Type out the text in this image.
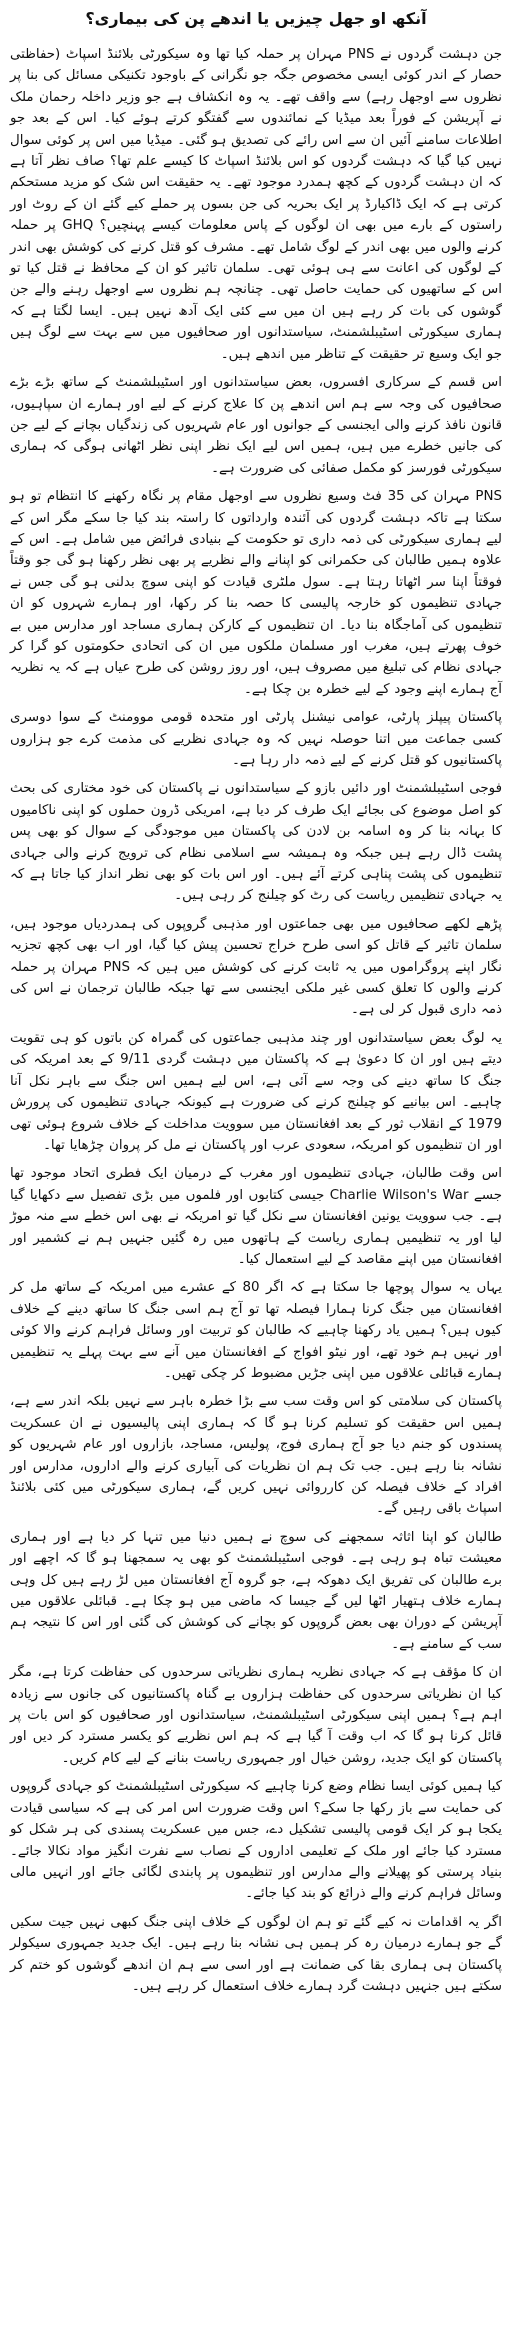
آنکھ او جھل چیزیں یا اندھے پن کی بیماری؟

جن دہشت گردوں نے PNS مہران پر حملہ کیا تھا وہ سیکورٹی بلائنڈ اسپاٹ (حفاظتی حصار کے اندر کوئی ایسی مخصوص جگہ جو نگرانی کے باوجود تکنیکی مسائل کی بنا پر نظروں سے اوجھل رہے) سے واقف تھے۔ یہ وہ انکشاف ہے جو وزیر داخلہ رحمان ملک نے آپریشن کے فوراً بعد میڈیا کے نمائندوں سے گفتگو کرتے ہوئے کیا۔ اس کے بعد جو اطلاعات سامنے آئیں ان سے اس رائے کی تصدیق ہو گئی۔ میڈیا میں اس پر کوئی سوال نہیں کیا گیا کہ دہشت گردوں کو اس بلائنڈ اسپاٹ کا کیسے علم تھا؟ صاف نظر آتا ہے کہ ان دہشت گردوں کے کچھ ہمدرد موجود تھے۔ یہ حقیقت اس شک کو مزید مستحکم کرتی ہے کہ ایک ڈاکیارڈ پر ایک بحریہ کی جن بسوں پر حملے کیے گئے ان کے روٹ اور راستوں کے بارے میں بھی ان لوگوں کے پاس معلومات کیسے پہنچیں؟ GHQ پر حملہ کرنے والوں میں بھی اندر کے لوگ شامل تھے۔ مشرف کو قتل کرنے کی کوشش بھی اندر کے لوگوں کی اعانت سے ہی ہوئی تھی۔ سلمان تاثیر کو ان کے محافظ نے قتل کیا تو اس کے ساتھیوں کی حمایت حاصل تھی۔ چنانچہ ہم نظروں سے اوجھل رہنے والے جن گوشوں کی بات کر رہے ہیں ان میں سے کئی ایک آدھ نہیں ہیں۔ ایسا لگتا ہے کہ ہماری سیکورٹی اسٹیبلشمنٹ، سیاستدانوں اور صحافیوں میں سے بہت سے لوگ ہیں جو ایک وسیع تر حقیقت کے تناظر میں اندھے ہیں۔

اس قسم کے سرکاری افسروں، بعض سیاستدانوں اور اسٹیبلشمنٹ کے ساتھ بڑے بڑے صحافیوں کی وجہ سے ہم اس اندھے پن کا علاج کرنے کے لیے اور ہمارے ان سپاہیوں، قانون نافذ کرنے والی ایجنسی کے جوانوں اور عام شہریوں کی زندگیاں بچانے کے لیے جن کی جانیں خطرے میں ہیں، ہمیں اس لیے ایک نظر اپنی نظر اٹھانی ہوگی کہ ہماری سیکورٹی فورسز کو مکمل صفائی کی ضرورت ہے۔

PNS مہران کی 35 فٹ وسیع نظروں سے اوجھل مقام پر نگاہ رکھنے کا انتظام تو ہو سکتا ہے تاکہ دہشت گردوں کی آئندہ وارداتوں کا راستہ بند کیا جا سکے مگر اس کے لیے ہماری سیکورٹی کی ذمہ داری تو حکومت کے بنیادی فرائض میں شامل ہے۔ اس کے علاوہ ہمیں طالبان کی حکمرانی کو اپنانے والے نظریے پر بھی نظر رکھنا ہو گی جو وقتاً فوقتاً اپنا سر اٹھاتا رہتا ہے۔ سول ملٹری قیادت کو اپنی سوچ بدلنی ہو گی جس نے جہادی تنظیموں کو خارجہ پالیسی کا حصہ بنا کر رکھا، اور ہمارے شہروں کو ان تنظیموں کی آماجگاہ بنا دیا۔ ان تنظیموں کے کارکن ہماری مساجد اور مدارس میں بے خوف پھرتے ہیں، مغرب اور مسلمان ملکوں میں ان کی اتحادی حکومتوں کو گرا کر جہادی نظام کی تبلیغ میں مصروف ہیں، اور روز روشن کی طرح عیاں ہے کہ یہ نظریہ آج ہمارے اپنے وجود کے لیے خطرہ بن چکا ہے۔

پاکستان پیپلز پارٹی، عوامی نیشنل پارٹی اور متحدہ قومی موومنٹ کے سوا دوسری کسی جماعت میں اتنا حوصلہ نہیں کہ وہ جہادی نظریے کی مذمت کرے جو ہزاروں پاکستانیوں کو قتل کرنے کے لیے ذمہ دار رہا ہے۔

فوجی اسٹیبلشمنٹ اور دائیں بازو کے سیاستدانوں نے پاکستان کی خود مختاری کی بحث کو اصل موضوع کی بجائے ایک طرف کر دیا ہے، امریکی ڈرون حملوں کو اپنی ناکامیوں کا بہانہ بنا کر وہ اسامہ بن لادن کی پاکستان میں موجودگی کے سوال کو بھی پس پشت ڈال رہے ہیں جبکہ وہ ہمیشہ سے اسلامی نظام کی ترویج کرنے والی جہادی تنظیموں کی پشت پناہی کرتے آئے ہیں۔ اور اس بات کو بھی نظر انداز کیا جاتا ہے کہ یہ جہادی تنظیمیں ریاست کی رٹ کو چیلنج کر رہی ہیں۔

پڑھے لکھے صحافیوں میں بھی جماعتوں اور مذہبی گروپوں کی ہمدردیاں موجود ہیں، سلمان تاثیر کے قاتل کو اسی طرح خراج تحسین پیش کیا گیا، اور اب بھی کچھ تجزیہ نگار اپنے پروگراموں میں یہ ثابت کرنے کی کوشش میں ہیں کہ PNS مہران پر حملہ کرنے والوں کا تعلق کسی غیر ملکی ایجنسی سے تھا جبکہ طالبان ترجمان نے اس کی ذمہ داری قبول کر لی ہے۔

یہ لوگ بعض سیاستدانوں اور چند مذہبی جماعتوں کی گمراہ کن باتوں کو ہی تقویت دیتے ہیں اور ان کا دعویٰ ہے کہ پاکستان میں دہشت گردی 9/11 کے بعد امریکہ کی جنگ کا ساتھ دینے کی وجہ سے آئی ہے، اس لیے ہمیں اس جنگ سے باہر نکل آنا چاہیے۔ اس بیانیے کو چیلنج کرنے کی ضرورت ہے کیونکہ جہادی تنظیموں کی پرورش 1979 کے انقلاب ثور کے بعد افغانستان میں سوویت مداخلت کے خلاف شروع ہوئی تھی اور ان تنظیموں کو امریکہ، سعودی عرب اور پاکستان نے مل کر پروان چڑھایا تھا۔

اس وقت طالبان، جہادی تنظیموں اور مغرب کے درمیان ایک فطری اتحاد موجود تھا جسے Charlie Wilson's War جیسی کتابوں اور فلموں میں بڑی تفصیل سے دکھایا گیا ہے۔ جب سوویت یونین افغانستان سے نکل گیا تو امریکہ نے بھی اس خطے سے منہ موڑ لیا اور یہ تنظیمیں ہماری ریاست کے ہاتھوں میں رہ گئیں جنہیں ہم نے کشمیر اور افغانستان میں اپنے مقاصد کے لیے استعمال کیا۔

یہاں یہ سوال پوچھا جا سکتا ہے کہ اگر 80 کے عشرے میں امریکہ کے ساتھ مل کر افغانستان میں جنگ کرنا ہمارا فیصلہ تھا تو آج ہم اسی جنگ کا ساتھ دینے کے خلاف کیوں ہیں؟ ہمیں یاد رکھنا چاہیے کہ طالبان کو تربیت اور وسائل فراہم کرنے والا کوئی اور نہیں ہم خود تھے، اور نیٹو افواج کے افغانستان میں آنے سے بہت پہلے یہ تنظیمیں ہمارے قبائلی علاقوں میں اپنی جڑیں مضبوط کر چکی تھیں۔

پاکستان کی سلامتی کو اس وقت سب سے بڑا خطرہ باہر سے نہیں بلکہ اندر سے ہے، ہمیں اس حقیقت کو تسلیم کرنا ہو گا کہ ہماری اپنی پالیسیوں نے ان عسکریت پسندوں کو جنم دیا جو آج ہماری فوج، پولیس، مساجد، بازاروں اور عام شہریوں کو نشانہ بنا رہے ہیں۔ جب تک ہم ان نظریات کی آبیاری کرنے والے اداروں، مدارس اور افراد کے خلاف فیصلہ کن کارروائی نہیں کریں گے، ہماری سیکورٹی میں کئی بلائنڈ اسپاٹ باقی رہیں گے۔

طالبان کو اپنا اثاثہ سمجھنے کی سوچ نے ہمیں دنیا میں تنہا کر دیا ہے اور ہماری معیشت تباہ ہو رہی ہے۔ فوجی اسٹیبلشمنٹ کو بھی یہ سمجھنا ہو گا کہ اچھے اور برے طالبان کی تفریق ایک دھوکہ ہے، جو گروہ آج افغانستان میں لڑ رہے ہیں کل وہی ہمارے خلاف ہتھیار اٹھا لیں گے جیسا کہ ماضی میں ہو چکا ہے۔ قبائلی علاقوں میں آپریشن کے دوران بھی بعض گروپوں کو بچانے کی کوشش کی گئی اور اس کا نتیجہ ہم سب کے سامنے ہے۔

ان کا مؤقف ہے کہ جہادی نظریہ ہماری نظریاتی سرحدوں کی حفاظت کرتا ہے، مگر کیا ان نظریاتی سرحدوں کی حفاظت ہزاروں بے گناہ پاکستانیوں کی جانوں سے زیادہ اہم ہے؟ ہمیں اپنی سیکورٹی اسٹیبلشمنٹ، سیاستدانوں اور صحافیوں کو اس بات پر قائل کرنا ہو گا کہ اب وقت آ گیا ہے کہ ہم اس نظریے کو یکسر مسترد کر دیں اور پاکستان کو ایک جدید، روشن خیال اور جمہوری ریاست بنانے کے لیے کام کریں۔

کیا ہمیں کوئی ایسا نظام وضع کرنا چاہیے کہ سیکورٹی اسٹیبلشمنٹ کو جہادی گروپوں کی حمایت سے باز رکھا جا سکے؟ اس وقت ضرورت اس امر کی ہے کہ سیاسی قیادت یکجا ہو کر ایک قومی پالیسی تشکیل دے، جس میں عسکریت پسندی کی ہر شکل کو مسترد کیا جائے اور ملک کے تعلیمی اداروں کے نصاب سے نفرت انگیز مواد نکالا جائے۔ بنیاد پرستی کو پھیلانے والے مدارس اور تنظیموں پر پابندی لگائی جائے اور انہیں مالی وسائل فراہم کرنے والے ذرائع کو بند کیا جائے۔

اگر یہ اقدامات نہ کیے گئے تو ہم ان لوگوں کے خلاف اپنی جنگ کبھی نہیں جیت سکیں گے جو ہمارے درمیان رہ کر ہمیں ہی نشانہ بنا رہے ہیں۔ ایک جدید جمہوری سیکولر پاکستان ہی ہماری بقا کی ضمانت ہے اور اسی سے ہم ان اندھے گوشوں کو ختم کر سکتے ہیں جنہیں دہشت گرد ہمارے خلاف استعمال کر رہے ہیں۔
